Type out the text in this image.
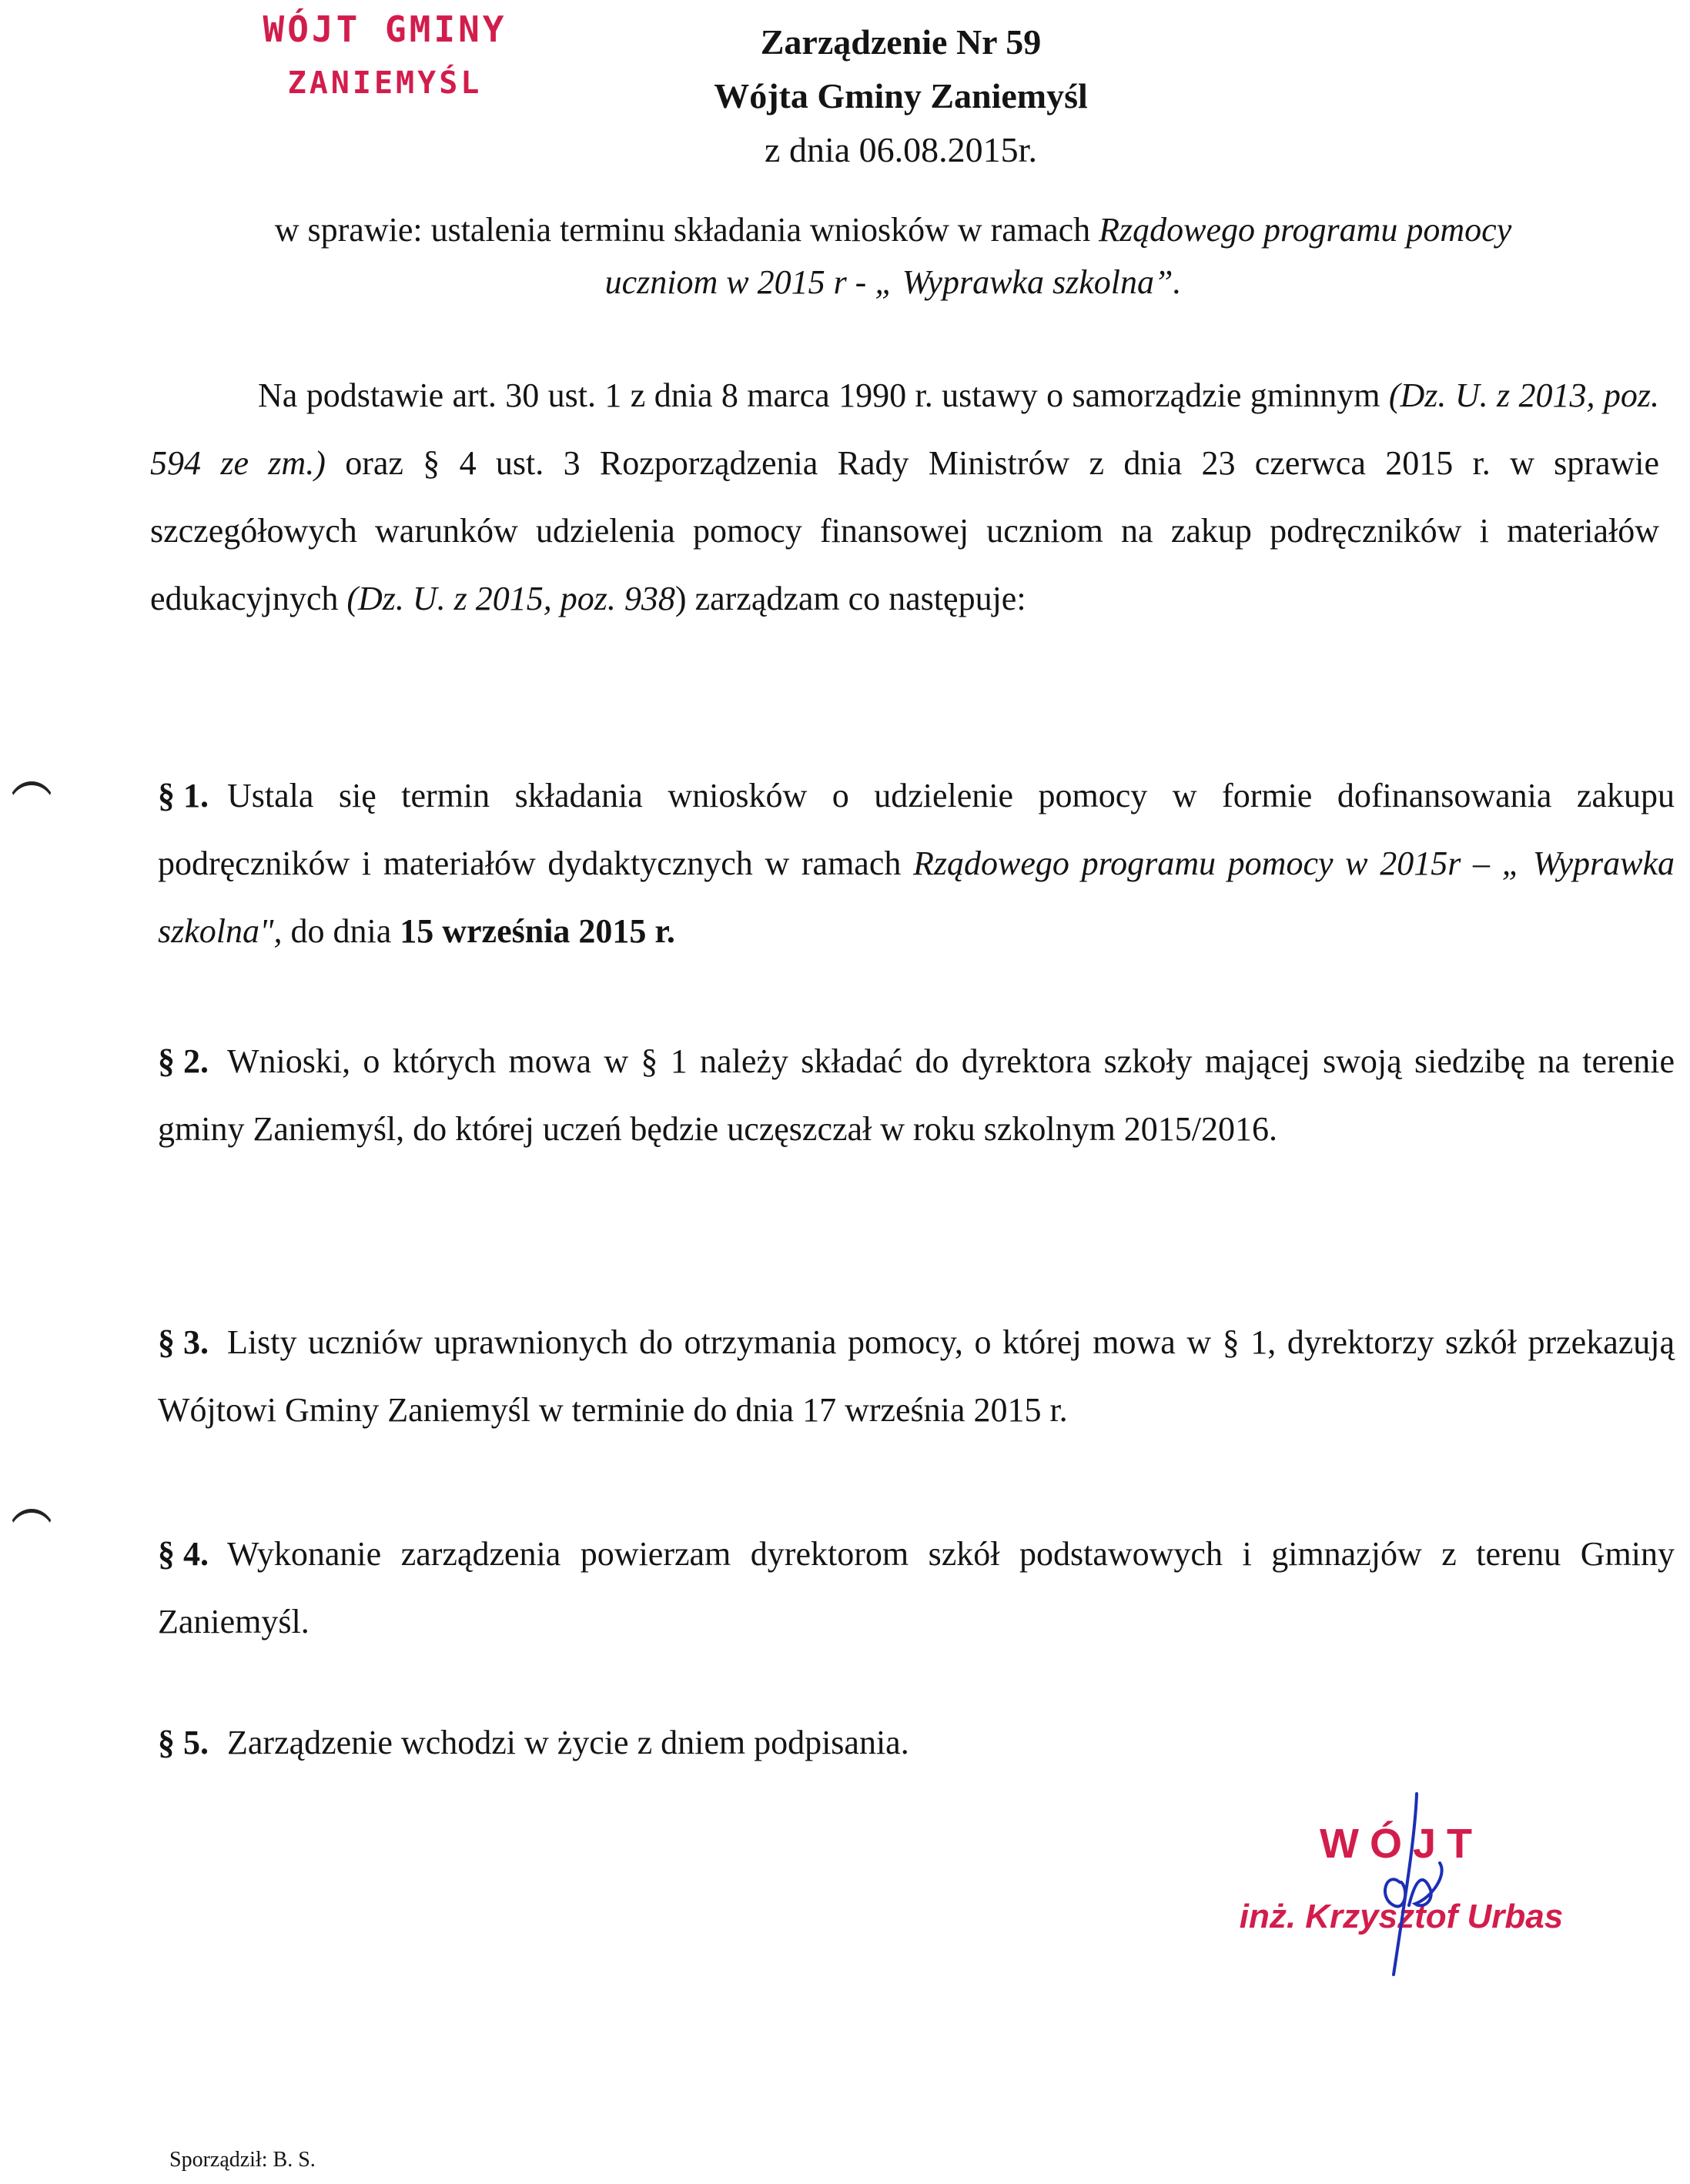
WÓJT GMINY
ZANIEMYŚL
Zarządzenie Nr 59
Wójta Gminy Zaniemyśl
z dnia 06.08.2015r.
w sprawie: ustalenia terminu składania wniosków w ramach Rządowego programu pomocy
uczniom w 2015 r - „ Wyprawka szkolna”.
Na podstawie art. 30 ust. 1 z dnia 8 marca 1990 r. ustawy o samorządzie gminnym (Dz. U. z 2013, poz. 594 ze zm.) oraz § 4 ust. 3 Rozporządzenia Rady Ministrów z dnia 23 czerwca 2015 r. w sprawie szczegółowych warunków udzielenia pomocy finansowej uczniom na zakup podręczników i materiałów edukacyjnych (Dz. U. z 2015, poz. 938) zarządzam co następuje:
§ 1. Ustala się termin składania wniosków o udzielenie pomocy w formie dofinansowania zakupu podręczników i materiałów dydaktycznych w ramach Rządowego programu pomocy w 2015r – „ Wyprawka szkolna", do dnia 15 września 2015 r.
§ 2. Wnioski, o których mowa w § 1 należy składać do dyrektora szkoły mającej swoją siedzibę na terenie gminy Zaniemyśl, do której uczeń będzie uczęszczał w roku szkolnym 2015/2016.
§ 3. Listy uczniów uprawnionych do otrzymania pomocy, o której mowa w § 1, dyrektorzy szkół przekazują Wójtowi Gminy Zaniemyśl w terminie do dnia 17 września 2015 r.
§ 4. Wykonanie zarządzenia powierzam dyrektorom szkół podstawowych i gimnazjów z terenu Gminy Zaniemyśl.
§ 5. Zarządzenie wchodzi w życie z dniem podpisania.
WÓJT
inż. Krzysztof Urbas
Sporządził: B. S.
